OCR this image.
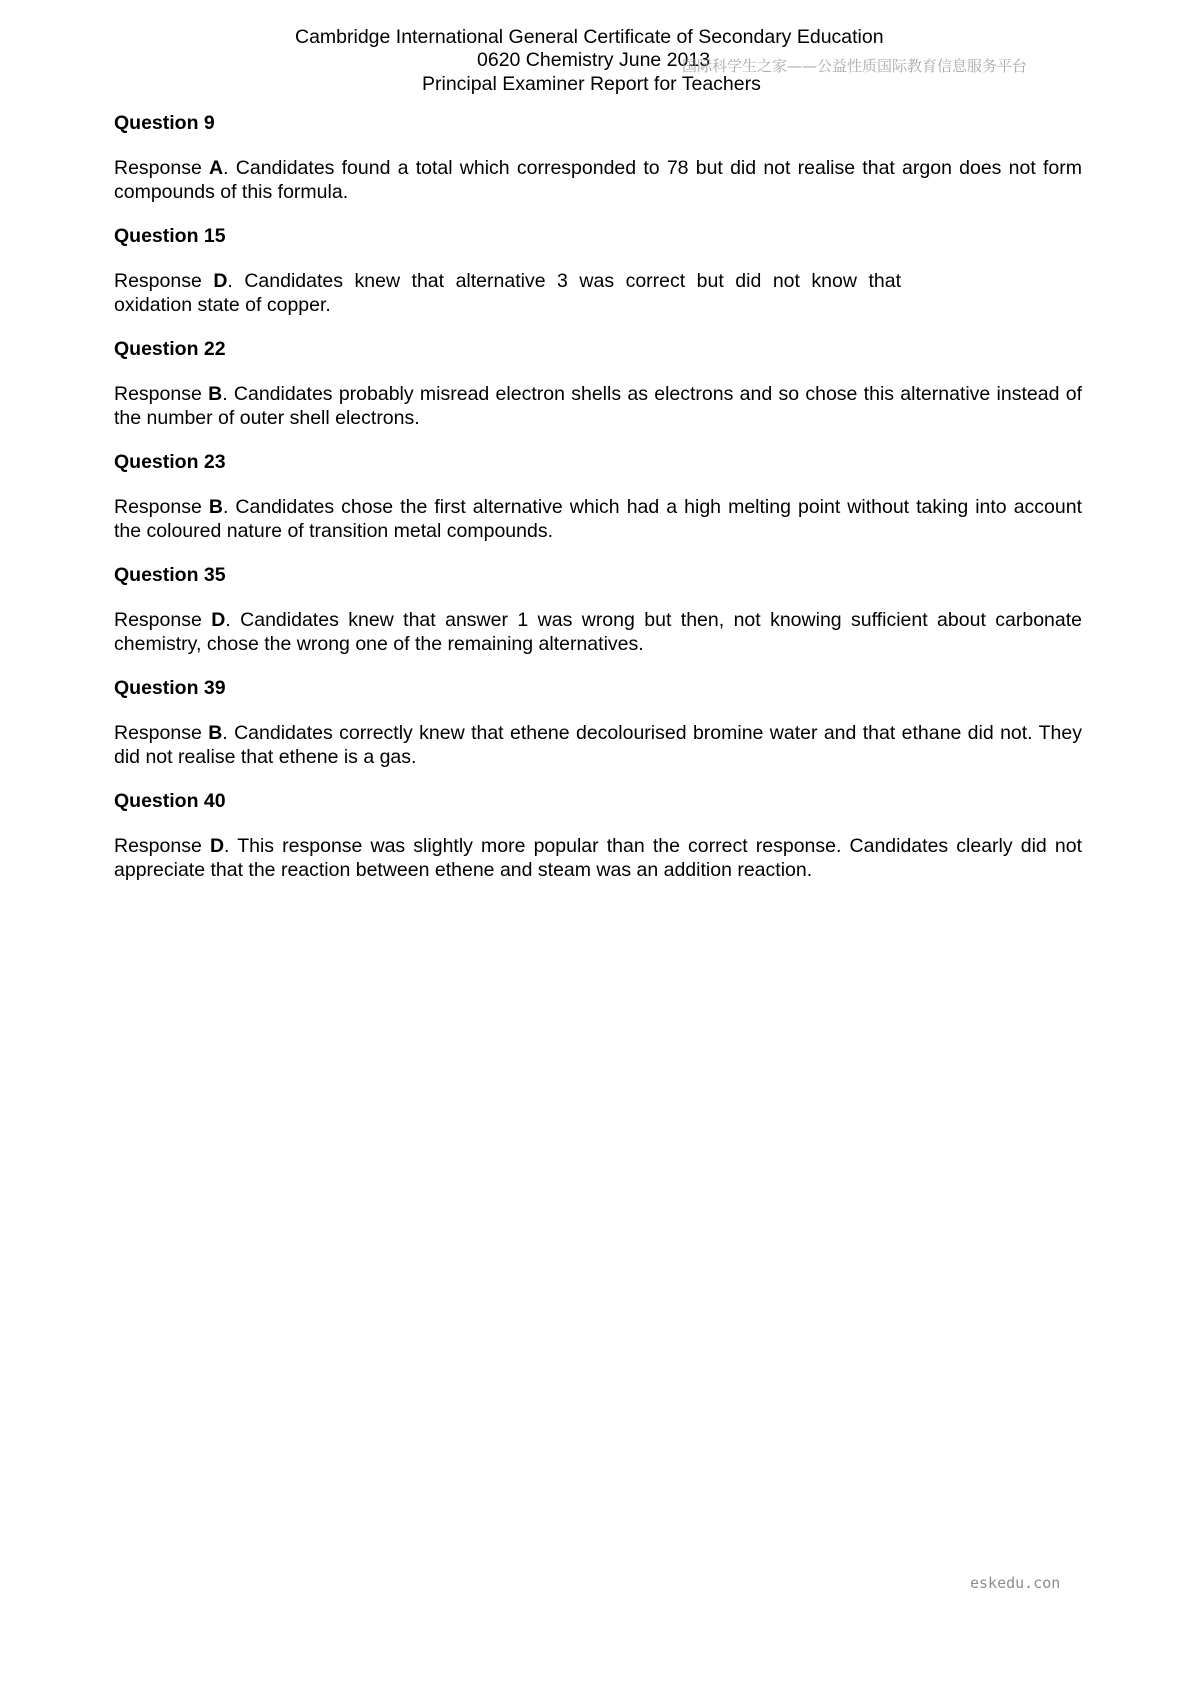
Cambridge International General Certificate of Secondary Education
0620 Chemistry June 2013
Principal Examiner Report for Teachers
国际科学生之家——公益性质国际教育信息服务平台
Question 9
Response A. Candidates found a total which corresponded to 78 but did not realise that argon does not form compounds of this formula.
Question 15
Response D. Candidates knew that alternative 3 was correct but did not know that
oxidation state of copper.
Question 22
Response B. Candidates probably misread electron shells as electrons and so chose this alternative instead of the number of outer shell electrons.
Question 23
Response B. Candidates chose the first alternative which had a high melting point without taking into account the coloured nature of transition metal compounds.
Question 35
Response D. Candidates knew that answer 1 was wrong but then, not knowing sufficient about carbonate chemistry, chose the wrong one of the remaining alternatives.
Question 39
Response B. Candidates correctly knew that ethene decolourised bromine water and that ethane did not. They did not realise that ethene is a gas.
Question 40
Response D. This response was slightly more popular than the correct response. Candidates clearly did not appreciate that the reaction between ethene and steam was an addition reaction.
eskedu.con
